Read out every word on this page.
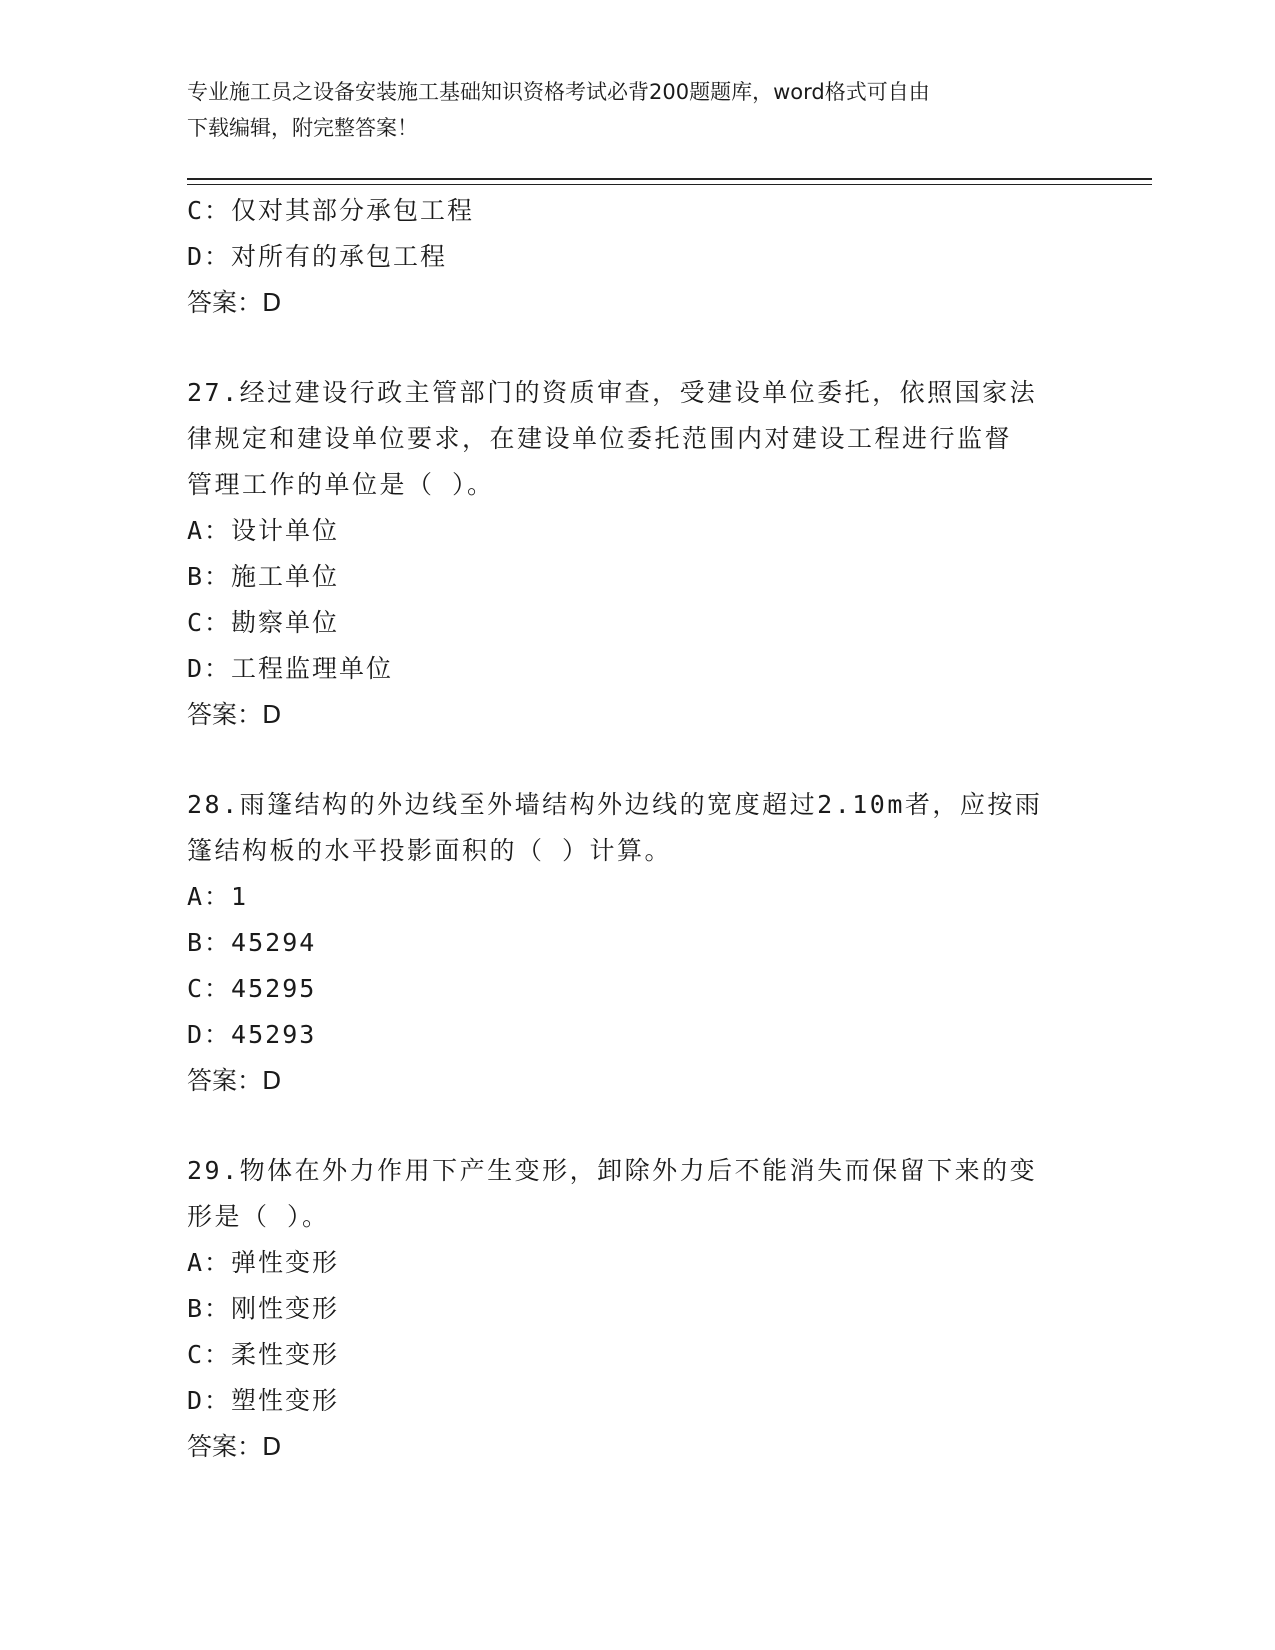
专业施工员之设备安装施工基础知识资格考试必背200题题库，word格式可自由
下载编辑，附完整答案！
C：仅对其部分承包工程
D：对所有的承包工程
答案：D
27.经过建设行政主管部门的资质审查，受建设单位委托，依照国家法
律规定和建设单位要求，在建设单位委托范围内对建设工程进行监督
管理工作的单位是（ ）。
A：设计单位
B：施工单位
C：勘察单位
D：工程监理单位
答案：D
28.雨篷结构的外边线至外墙结构外边线的宽度超过2.10m者，应按雨
篷结构板的水平投影面积的（ ）计算。
A：1
B：45294
C：45295
D：45293
答案：D
29.物体在外力作用下产生变形，卸除外力后不能消失而保留下来的变
形是（ ）。
A：弹性变形
B：刚性变形
C：柔性变形
D：塑性变形
答案：D
